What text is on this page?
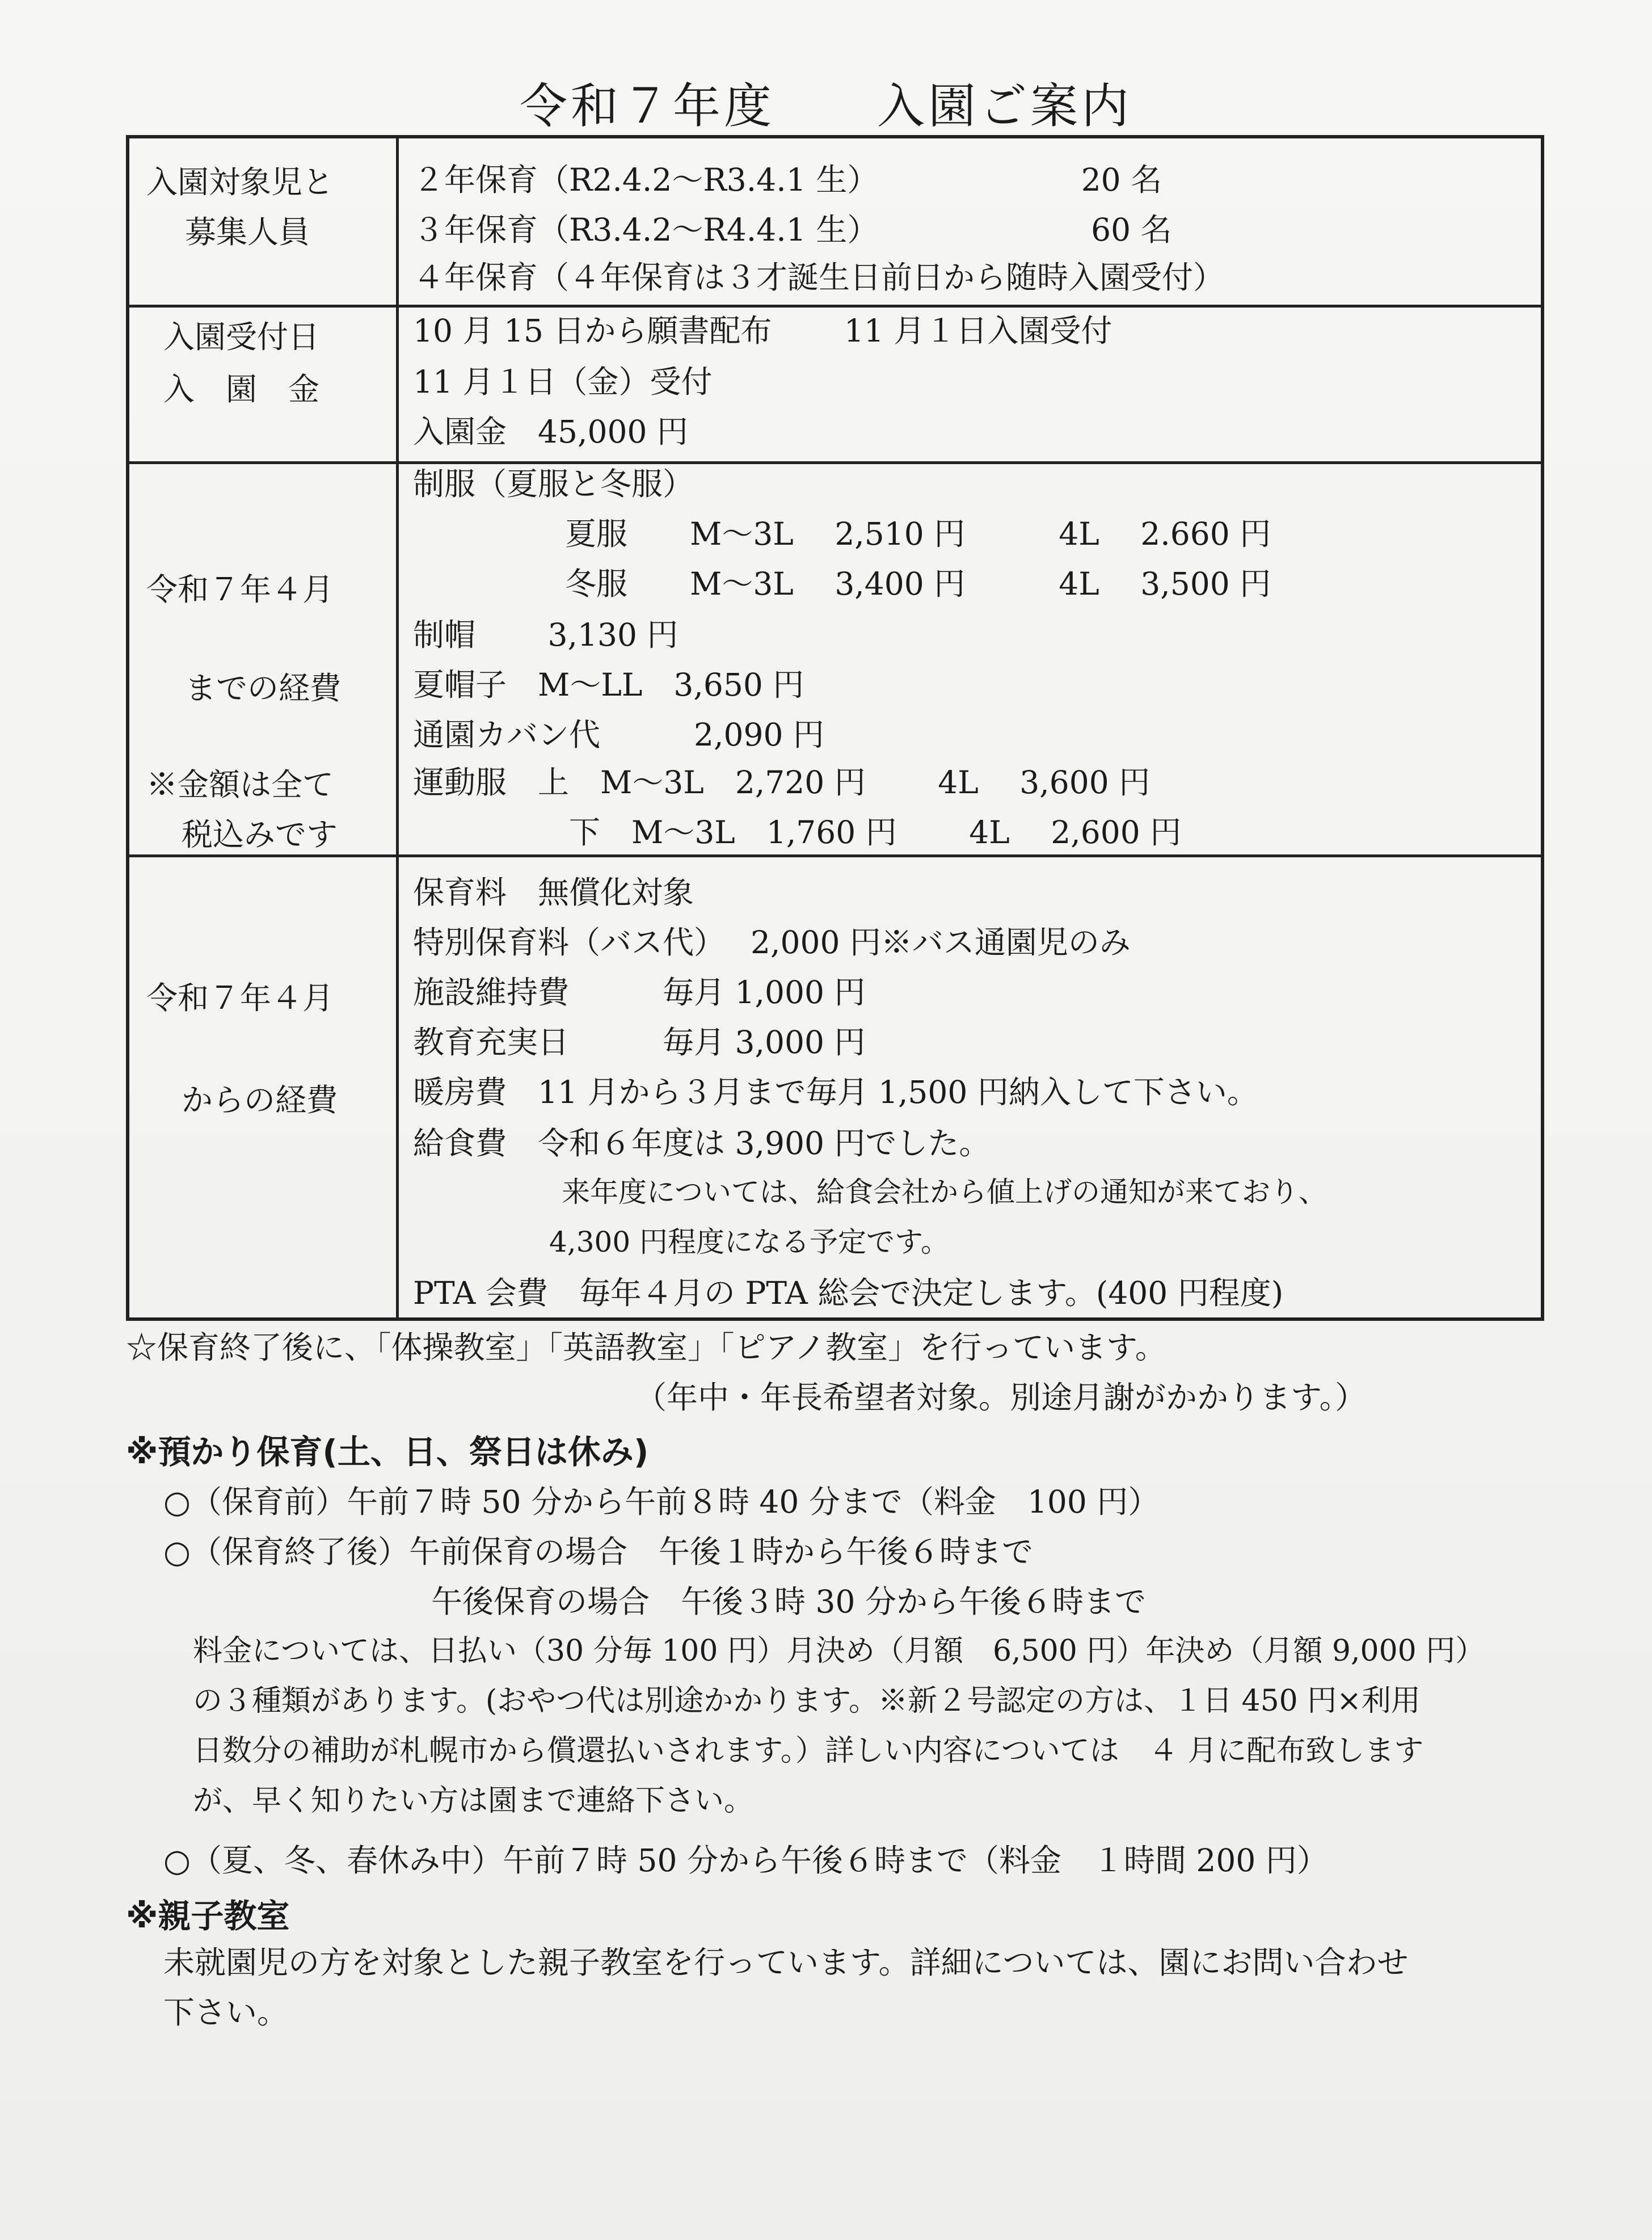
令和７年度　　入園ご案内
入園対象児と
募集人員
２年保育（R2.4.2～R3.4.1 生）　　　　　　　20 名
３年保育（R3.4.2～R4.4.1 生）　　　　　　　 60 名
４年保育（４年保育は３才誕生日前日から随時入園受付）
入園受付日
入　園　金
10 月 15 日から願書配布　　 11 月１日入園受付
11 月１日（金）受付
入園金　45,000 円
令和７年４月
までの経費
※金額は全て
税込みです
制服（夏服と冬服）
夏服　　M～3L　 2,510 円　　　4L　 2.660 円
冬服　　M～3L　 3,400 円　　　4L　 3,500 円
制帽　　 3,130 円
夏帽子　M～LL　3,650 円
通園カバン代　　　2,090 円
運動服　上　M～3L　2,720 円　　 4L　 3,600 円
下　M～3L　1,760 円　　 4L　 2,600 円
令和７年４月
からの経費
保育料　無償化対象
特別保育料（バス代）　 2,000 円※バス通園児のみ
施設維持費　　　毎月 1,000 円
教育充実日　　　毎月 3,000 円
暖房費　11 月から３月まで毎月 1,500 円納入して下さい。
給食費　令和６年度は 3,900 円でした。
来年度については、給食会社から値上げの通知が来ており、
4,300 円程度になる予定です。
PTA 会費　毎年４月の PTA 総会で決定します。(400 円程度)
☆保育終了後に、「体操教室」「英語教室」「ピアノ教室」を行っています。
（年中・年長希望者対象。別途月謝がかかります。）
※預かり保育(土、日、祭日は休み)
○（保育前）午前７時 50 分から午前８時 40 分まで（料金　100 円）
○（保育終了後）午前保育の場合　午後１時から午後６時まで
午後保育の場合　午後３時 30 分から午後６時まで
料金については、日払い（30 分毎 100 円）月決め（月額　6,500 円）年決め（月額 9,000 円）
の３種類があります。(おやつ代は別途かかります。※新２号認定の方は、１日 450 円×利用
日数分の補助が札幌市から償還払いされます。）詳しい内容については　４ 月に配布致します
が、早く知りたい方は園まで連絡下さい。
○（夏、冬、春休み中）午前７時 50 分から午後６時まで（料金　１時間 200 円）
※親子教室
未就園児の方を対象とした親子教室を行っています。詳細については、園にお問い合わせ
下さい。
